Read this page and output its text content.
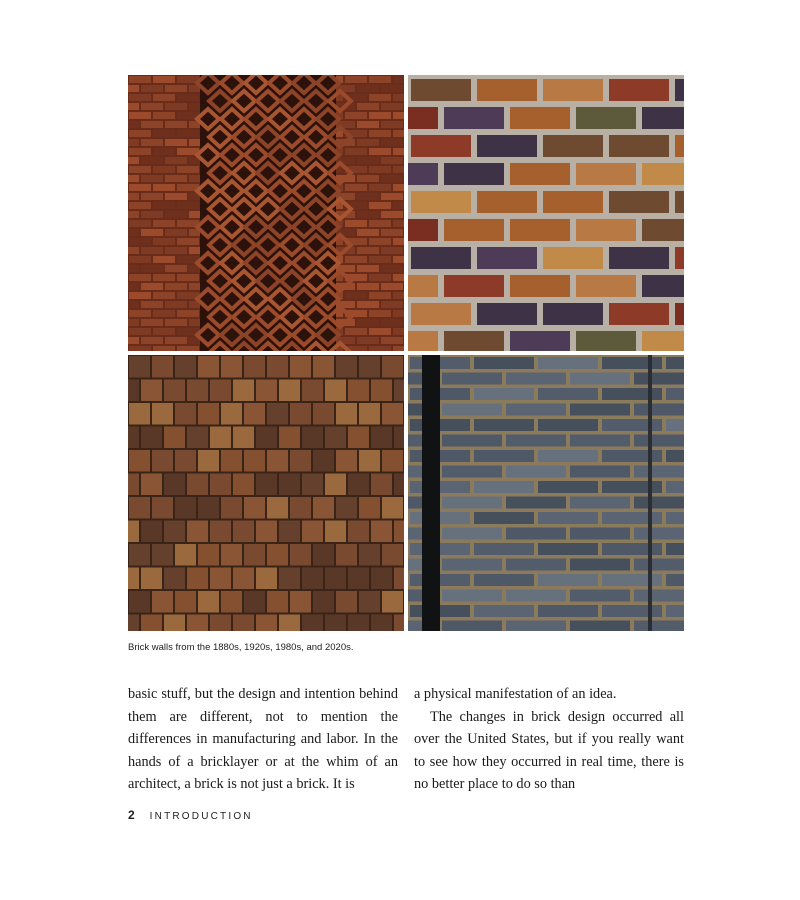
Brick walls from the 1880s, 1920s, 1980s, and 2020s.

basic stuff, but the design and intention behind them are different, not to mention the differences in manufacturing and labor. In the hands of a bricklayer or at the whim of an architect, a brick is not just a brick. It is

a physical manifestation of an idea.

The changes in brick design occurred all over the United States, but if you really want to see how they occurred in real time, there is no better place to do so than

2 INTRODUCTION
